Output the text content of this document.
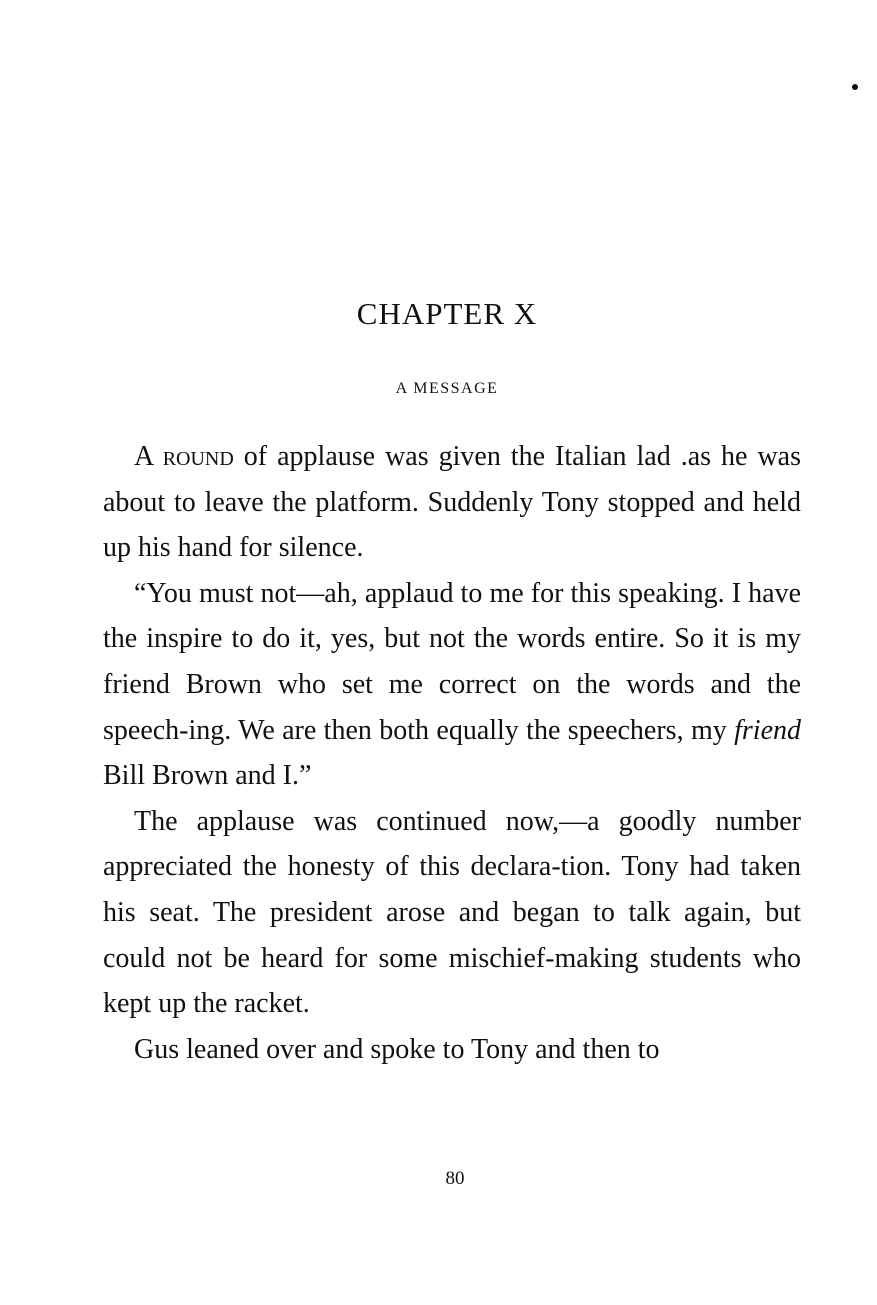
CHAPTER X
A MESSAGE

A round of applause was given the Italian lad .as he was about to leave the platform. Suddenly Tony stopped and held up his hand for silence.

“You must not—ah, applaud to me for this speaking. I have the inspire to do it, yes, but not the words entire. So it is my friend Brown who set me correct on the words and the speech-ing. We are then both equally the speechers, my friend Bill Brown and I.”

The applause was continued now,—a goodly number appreciated the honesty of this declara-tion. Tony had taken his seat. The president arose and began to talk again, but could not be heard for some mischief-making students who kept up the racket.

Gus leaned over and spoke to Tony and then to

80
